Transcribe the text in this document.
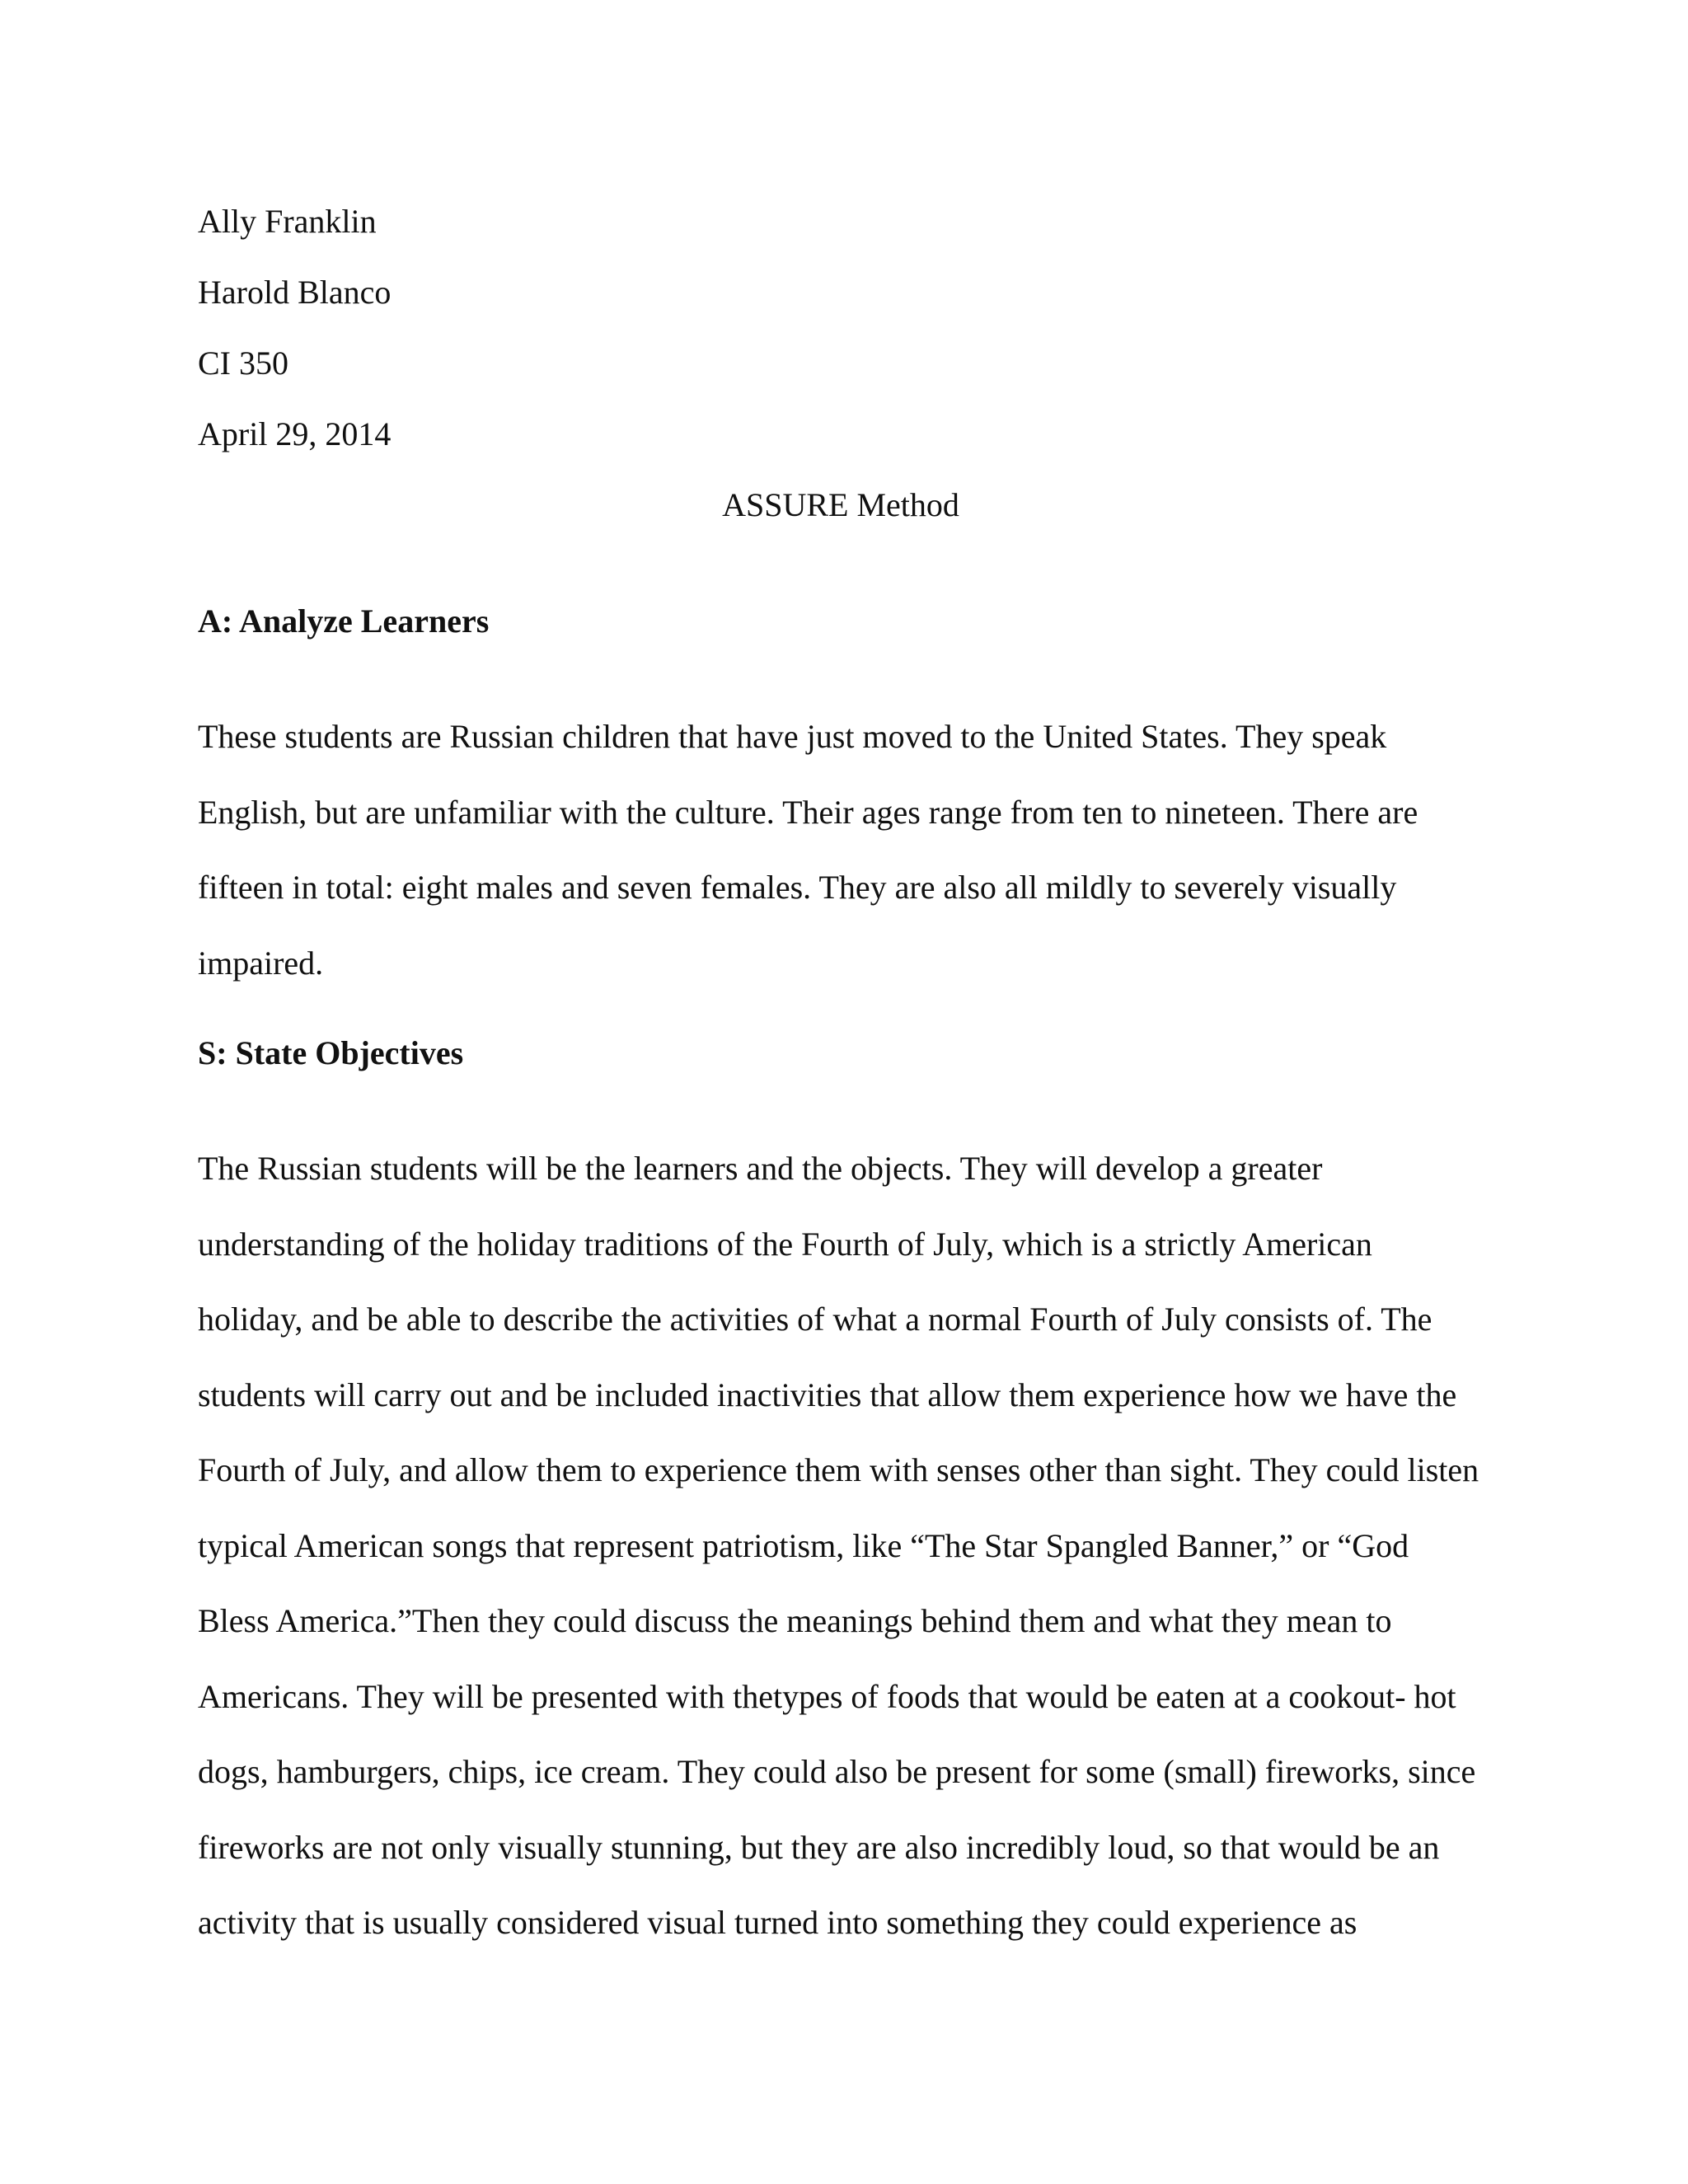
Ally Franklin
Harold Blanco
CI 350
April 29, 2014
ASSURE Method
A: Analyze Learners
These students are Russian children that have just moved to the United States. They speak
English, but are unfamiliar with the culture. Their ages range from ten to nineteen. There are
fifteen in total: eight males and seven females. They are also all mildly to severely visually
impaired.
S: State Objectives
The Russian students will be the learners and the objects. They will develop a greater
understanding of the holiday traditions of the Fourth of July, which is a strictly American
holiday, and be able to describe the activities of what a normal Fourth of July consists of. The
students will carry out and be included inactivities that allow them experience how we have the
Fourth of July, and allow them to experience them with senses other than sight. They could listen
typical American songs that represent patriotism, like “The Star Spangled Banner,” or “God
Bless America.”Then they could discuss the meanings behind them and what they mean to
Americans. They will be presented with thetypes of foods that would be eaten at a cookout- hot
dogs, hamburgers, chips, ice cream. They could also be present for some (small) fireworks, since
fireworks are not only visually stunning, but they are also incredibly loud, so that would be an
activity that is usually considered visual turned into something they could experience as
